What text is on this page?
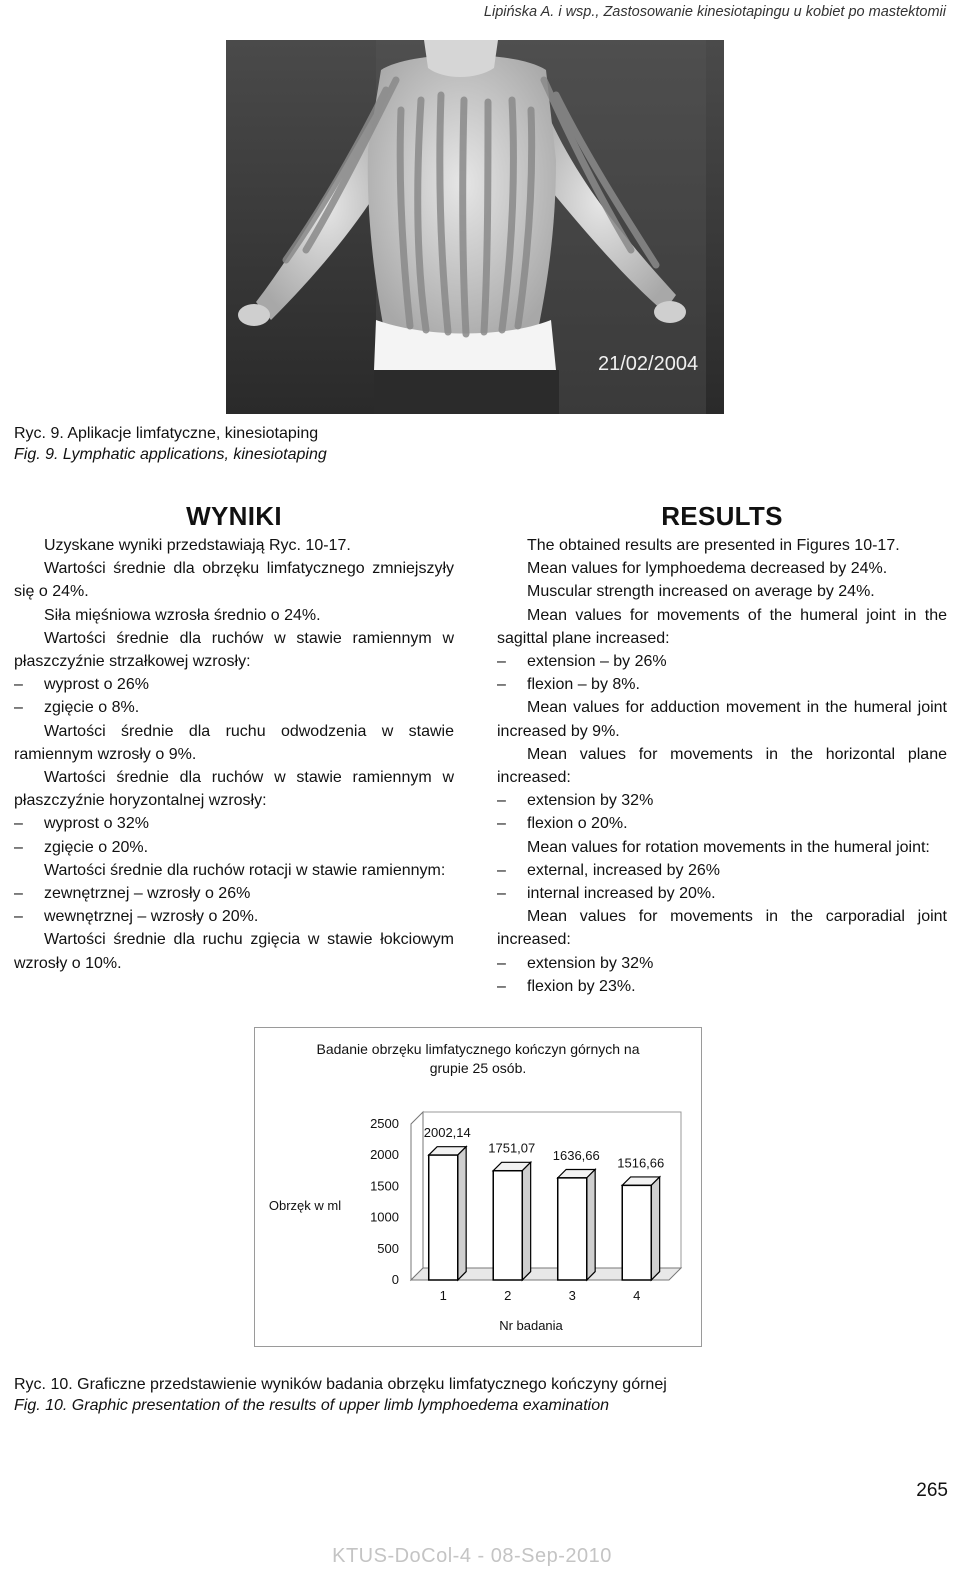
Lipińska A. i wsp., Zastosowanie kinesiotapingu u kobiet po mastektomii
21/02/2004
Ryc. 9. Aplikacje limfatyczne, kinesiotaping
Fig. 9. Lymphatic applications, kinesiotaping
WYNIKI

Uzyskane wyniki przedstawiają Ryc. 10-17.

Wartości średnie dla obrzęku limfatycznego zmniejszyły się o 24%.

Siła mięśniowa wzrosła średnio o 24%.

Wartości średnie dla ruchów w stawie ramiennym w płaszczyźnie strzałkowej wzrosły:

– wyprost o 26%
– zgięcie o 8%.

Wartości średnie dla ruchu odwodzenia w stawie ramiennym wzrosły o 9%.

Wartości średnie dla ruchów w stawie ramiennym w płaszczyźnie horyzontalnej wzrosły:

– wyprost o 32%
– zgięcie o 20%.

Wartości średnie dla ruchów rotacji w stawie ramiennym:

– zewnętrznej – wzrosły o 26%
– wewnętrznej – wzrosły o 20%.

Wartości średnie dla ruchu zgięcia w stawie łokciowym wzrosły o 10%.

RESULTS

The obtained results are presented in Figures 10-17.

Mean values for lymphoedema decreased by 24%.

Muscular strength increased on average by 24%.

Mean values for movements of the humeral joint in the sagittal plane increased:

– extension – by 26%
– flexion – by 8%.

Mean values for adduction movement in the humeral joint increased by 9%.

Mean values for movements in the horizontal plane increased:

– extension by 32%
– flexion o 20%.

Mean values for rotation movements in the humeral joint:

– external, increased by 26%
– internal increased by 20%.

Mean values for movements in the carporadial joint increased:

– extension by 32%
– flexion by 23%.
Badanie obrzęku limfatycznego kończyn górnych na
grupie 25 osób.
Obrzęk w ml
Nr badania
0
500
1000
1500
2000
2500
2002,14
1
1751,07
2
1636,66
3
1516,66
4
Ryc. 10. Graficzne przedstawienie wyników badania obrzęku limfatycznego kończyny górnej
Fig. 10. Graphic presentation of the results of upper limb lymphoedema examination
265
KTUS-DoCol-4 - 08-Sep-2010
